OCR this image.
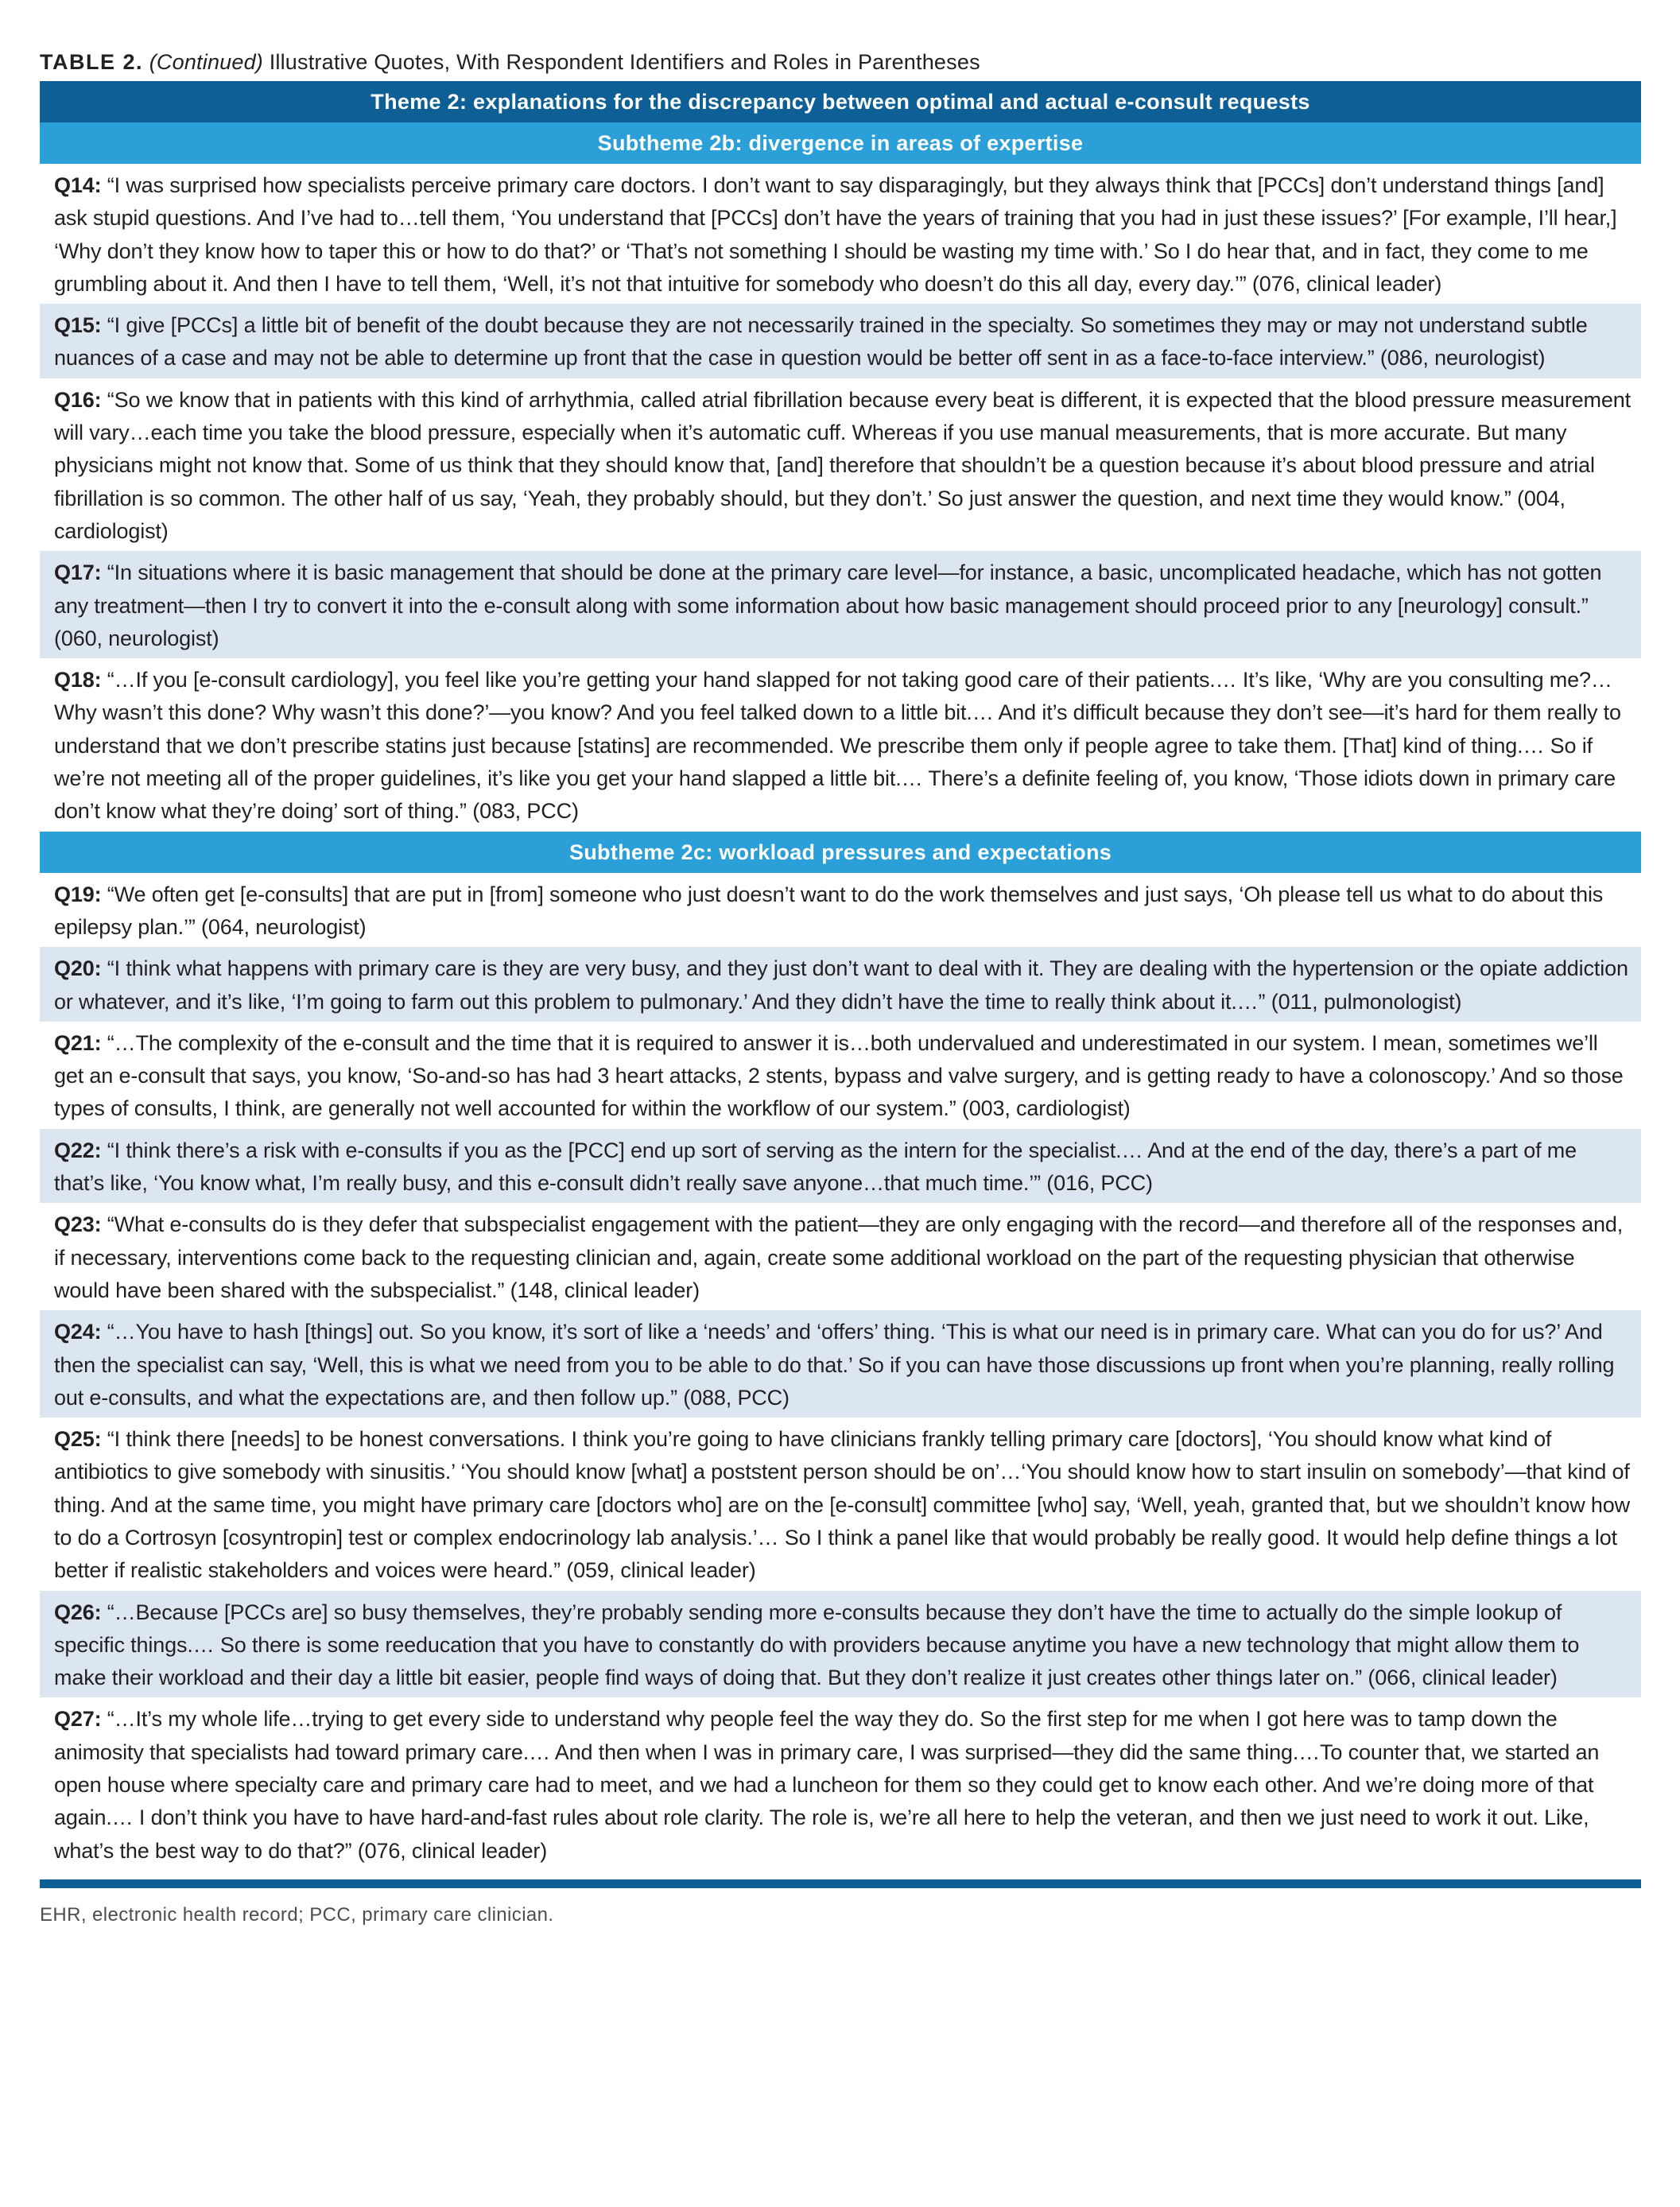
TABLE 2. (Continued) Illustrative Quotes, With Respondent Identifiers and Roles in Parentheses
Theme 2: explanations for the discrepancy between optimal and actual e-consult requests
Subtheme 2b: divergence in areas of expertise
Q14: “I was surprised how specialists perceive primary care doctors. I don’t want to say disparagingly, but they always think that [PCCs] don’t understand things [and] ask stupid questions. And I’ve had to…tell them, ‘You understand that [PCCs] don’t have the years of training that you had in just these issues?’ [For example, I’ll hear,] ‘Why don’t they know how to taper this or how to do that?’ or ‘That’s not something I should be wasting my time with.’ So I do hear that, and in fact, they come to me grumbling about it. And then I have to tell them, ‘Well, it’s not that intuitive for somebody who doesn’t do this all day, every day.’” (076, clinical leader)
Q15: “I give [PCCs] a little bit of benefit of the doubt because they are not necessarily trained in the specialty. So sometimes they may or may not understand subtle nuances of a case and may not be able to determine up front that the case in question would be better off sent in as a face-to-face interview.” (086, neurologist)
Q16: “So we know that in patients with this kind of arrhythmia, called atrial fibrillation because every beat is different, it is expected that the blood pressure measurement will vary…each time you take the blood pressure, especially when it’s automatic cuff. Whereas if you use manual measurements, that is more accurate. But many physicians might not know that. Some of us think that they should know that, [and] therefore that shouldn’t be a question because it’s about blood pressure and atrial fibrillation is so common. The other half of us say, ‘Yeah, they probably should, but they don’t.’ So just answer the question, and next time they would know.” (004, cardiologist)
Q17: “In situations where it is basic management that should be done at the primary care level—for instance, a basic, uncomplicated headache, which has not gotten any treatment—then I try to convert it into the e-consult along with some information about how basic management should proceed prior to any [neurology] consult.” (060, neurologist)
Q18: “…If you [e-consult cardiology], you feel like you’re getting your hand slapped for not taking good care of their patients.… It’s like, ‘Why are you consulting me?…Why wasn’t this done? Why wasn’t this done?’—you know? And you feel talked down to a little bit.… And it’s difficult because they don’t see—it’s hard for them really to understand that we don’t prescribe statins just because [statins] are recommended. We prescribe them only if people agree to take them. [That] kind of thing.… So if we’re not meeting all of the proper guidelines, it’s like you get your hand slapped a little bit.… There’s a definite feeling of, you know, ‘Those idiots down in primary care don’t know what they’re doing’ sort of thing.” (083, PCC)
Subtheme 2c: workload pressures and expectations
Q19: “We often get [e-consults] that are put in [from] someone who just doesn’t want to do the work themselves and just says, ‘Oh please tell us what to do about this epilepsy plan.’” (064, neurologist)
Q20: “I think what happens with primary care is they are very busy, and they just don’t want to deal with it. They are dealing with the hypertension or the opiate addiction or whatever, and it’s like, ‘I’m going to farm out this problem to pulmonary.’ And they didn’t have the time to really think about it.…” (011, pulmonologist)
Q21: “…The complexity of the e-consult and the time that it is required to answer it is…both undervalued and underestimated in our system. I mean, sometimes we’ll get an e-consult that says, you know, ‘So-and-so has had 3 heart attacks, 2 stents, bypass and valve surgery, and is getting ready to have a colonoscopy.’ And so those types of consults, I think, are generally not well accounted for within the workflow of our system.” (003, cardiologist)
Q22: “I think there’s a risk with e-consults if you as the [PCC] end up sort of serving as the intern for the specialist.… And at the end of the day, there’s a part of me that’s like, ‘You know what, I’m really busy, and this e-consult didn’t really save anyone…that much time.’” (016, PCC)
Q23: “What e-consults do is they defer that subspecialist engagement with the patient—they are only engaging with the record—and therefore all of the responses and, if necessary, interventions come back to the requesting clinician and, again, create some additional workload on the part of the requesting physician that otherwise would have been shared with the subspecialist.” (148, clinical leader)
Q24: “…You have to hash [things] out. So you know, it’s sort of like a ‘needs’ and ‘offers’ thing. ‘This is what our need is in primary care. What can you do for us?’ And then the specialist can say, ‘Well, this is what we need from you to be able to do that.’ So if you can have those discussions up front when you’re planning, really rolling out e-consults, and what the expectations are, and then follow up.” (088, PCC)
Q25: “I think there [needs] to be honest conversations. I think you’re going to have clinicians frankly telling primary care [doctors], ‘You should know what kind of antibiotics to give somebody with sinusitis.’ ‘You should know [what] a poststent person should be on’…‘You should know how to start insulin on somebody’—that kind of thing. And at the same time, you might have primary care [doctors who] are on the [e-consult] committee [who] say, ‘Well, yeah, granted that, but we shouldn’t know how to do a Cortrosyn [cosyntropin] test or complex endocrinology lab analysis.’… So I think a panel like that would probably be really good. It would help define things a lot better if realistic stakeholders and voices were heard.” (059, clinical leader)
Q26: “…Because [PCCs are] so busy themselves, they’re probably sending more e-consults because they don’t have the time to actually do the simple lookup of specific things.… So there is some reeducation that you have to constantly do with providers because anytime you have a new technology that might allow them to make their workload and their day a little bit easier, people find ways of doing that. But they don’t realize it just creates other things later on.” (066, clinical leader)
Q27: “…It’s my whole life…trying to get every side to understand why people feel the way they do. So the first step for me when I got here was to tamp down the animosity that specialists had toward primary care.… And then when I was in primary care, I was surprised—they did the same thing.…To counter that, we started an open house where specialty care and primary care had to meet, and we had a luncheon for them so they could get to know each other. And we’re doing more of that again.… I don’t think you have to have hard-and-fast rules about role clarity. The role is, we’re all here to help the veteran, and then we just need to work it out. Like, what’s the best way to do that?” (076, clinical leader)
EHR, electronic health record; PCC, primary care clinician.
